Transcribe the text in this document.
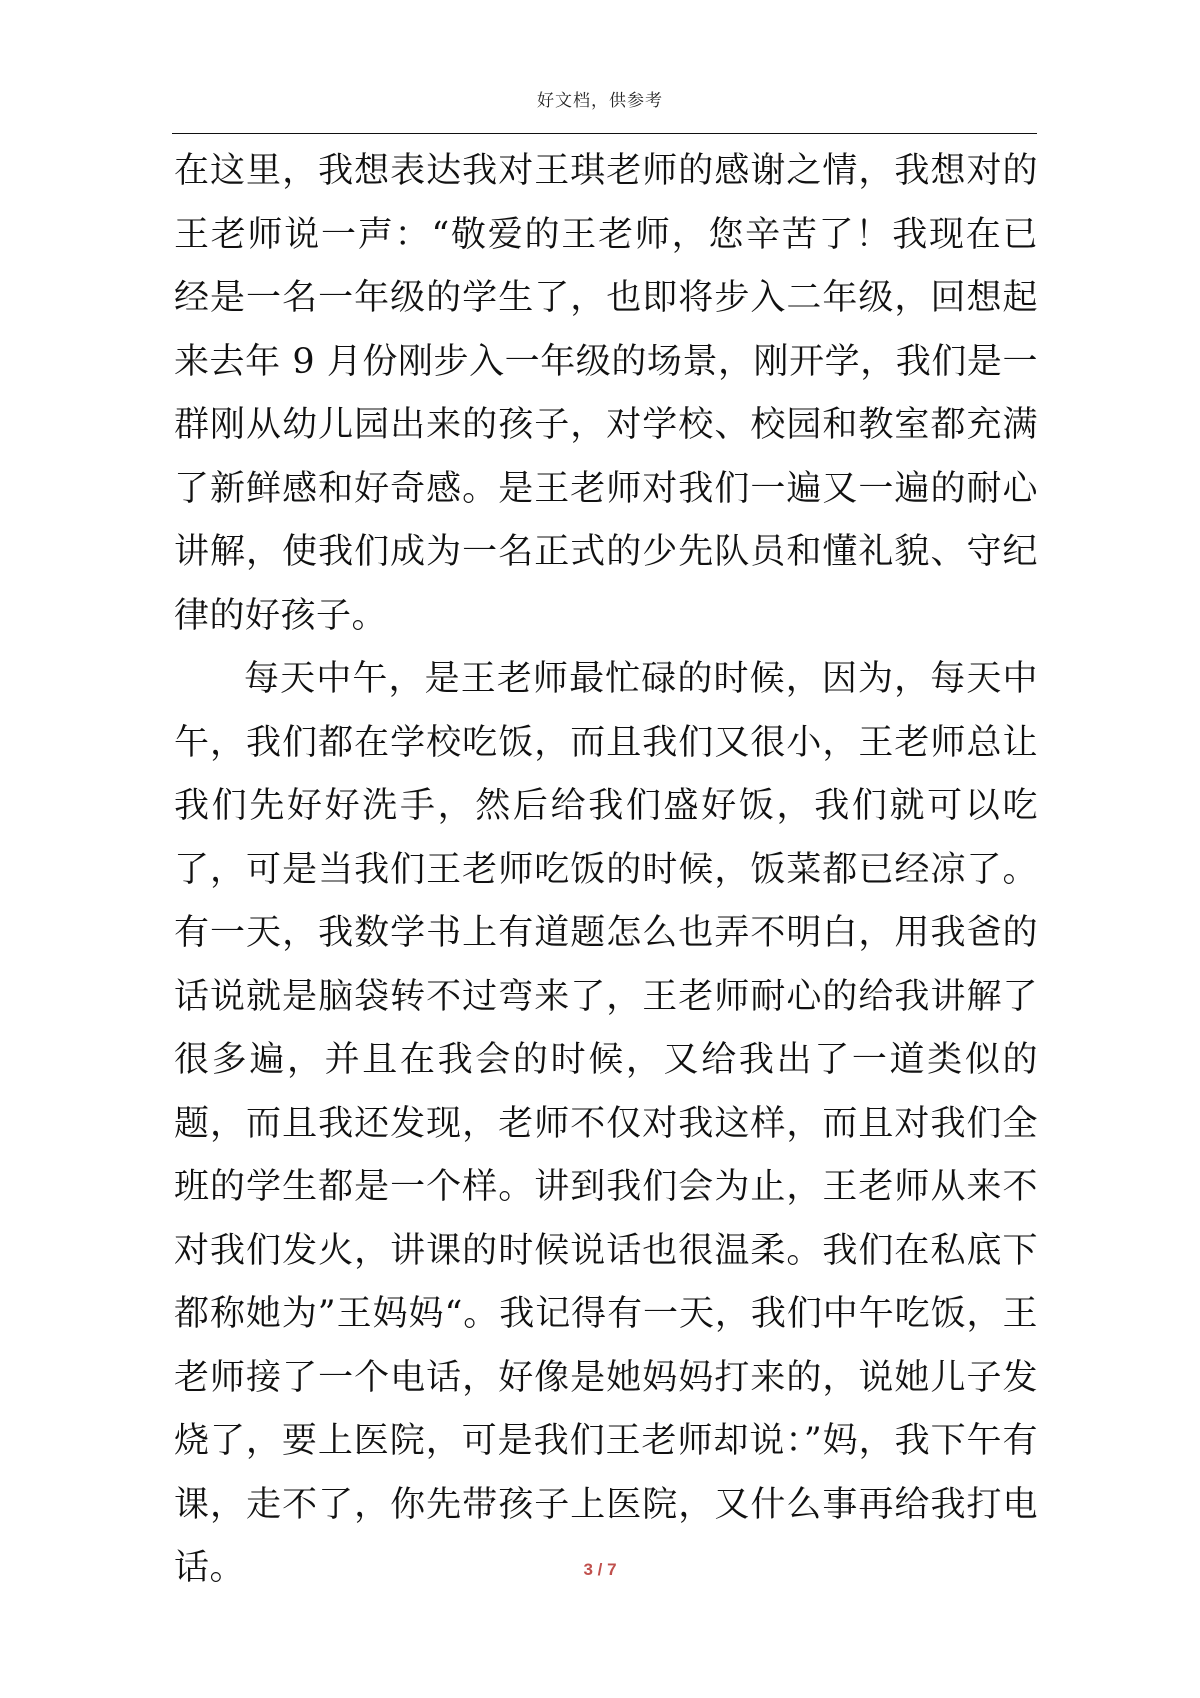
好文档，供参考

在这里，我想表达我对王琪老师的感谢之情，我想对的王老师说一声：“敬爱的王老师，您辛苦了！我现在已经是一名一年级的学生了，也即将步入二年级，回想起来去年 9 月份刚步入一年级的场景，刚开学，我们是一群刚从幼儿园出来的孩子，对学校、校园和教室都充满了新鲜感和好奇感。是王老师对我们一遍又一遍的耐心讲解，使我们成为一名正式的少先队员和懂礼貌、守纪律的好孩子。

每天中午，是王老师最忙碌的时候，因为，每天中午，我们都在学校吃饭，而且我们又很小，王老师总让我们先好好洗手，然后给我们盛好饭，我们就可以吃了，可是当我们王老师吃饭的时候，饭菜都已经凉了。有一天，我数学书上有道题怎么也弄不明白，用我爸的话说就是脑袋转不过弯来了，王老师耐心的给我讲解了很多遍，并且在我会的时候，又给我出了一道类似的题，而且我还发现，老师不仅对我这样，而且对我们全班的学生都是一个样。讲到我们会为止，王老师从来不对我们发火，讲课的时候说话也很温柔。我们在私底下都称她为”王妈妈“。我记得有一天，我们中午吃饭，王老师接了一个电话，好像是她妈妈打来的，说她儿子发烧了，要上医院，可是我们王老师却说：”妈，我下午有课，走不了，你先带孩子上医院，又什么事再给我打电话。	3 / 7
